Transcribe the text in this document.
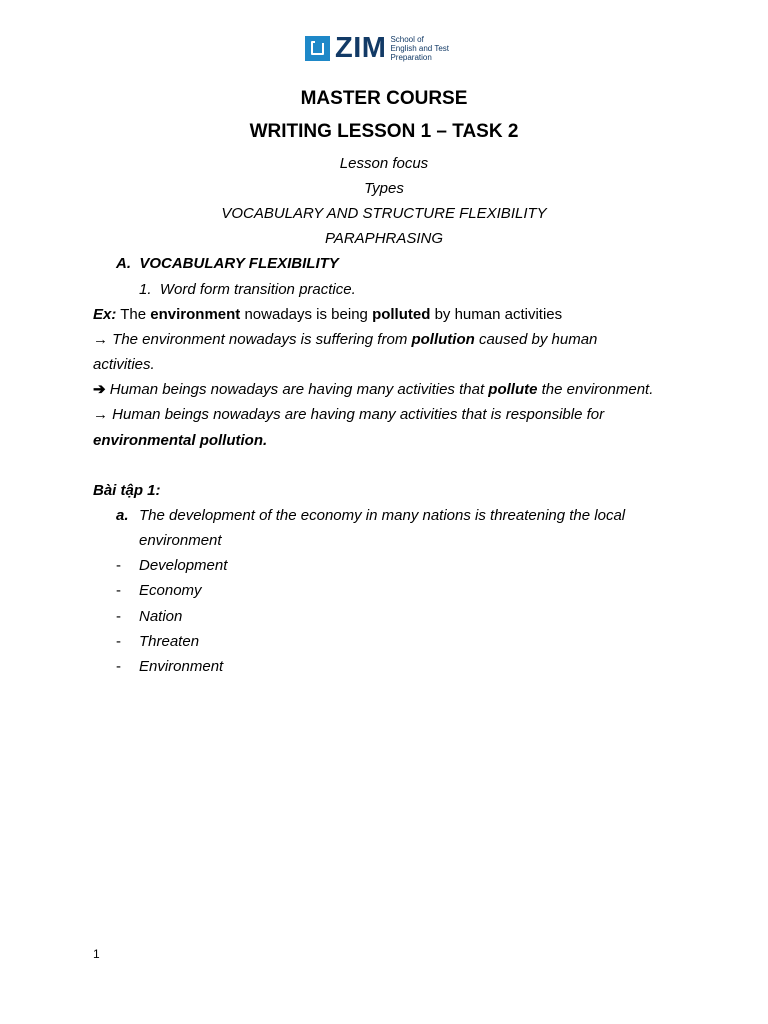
ZIM School of
English and Test
Preparation
MASTER COURSE
WRITING LESSON 1 – TASK 2
Lesson focus
Types
VOCABULARY AND STRUCTURE FLEXIBILITY
PARAPHRASING
A. VOCABULARY FLEXIBILITY
1. Word form transition practice.
Ex: The environment nowadays is being polluted by human activities
→ The environment nowadays is suffering from pollution caused by human
activities.
➔ Human beings nowadays are having many activities that pollute the environment.
→ Human beings nowadays are having many activities that is responsible for
environmental pollution.
Bài tập 1:
a. The development of the economy in many nations is threatening the local
environment
- Development
- Economy
- Nation
- Threaten
- Environment
1
